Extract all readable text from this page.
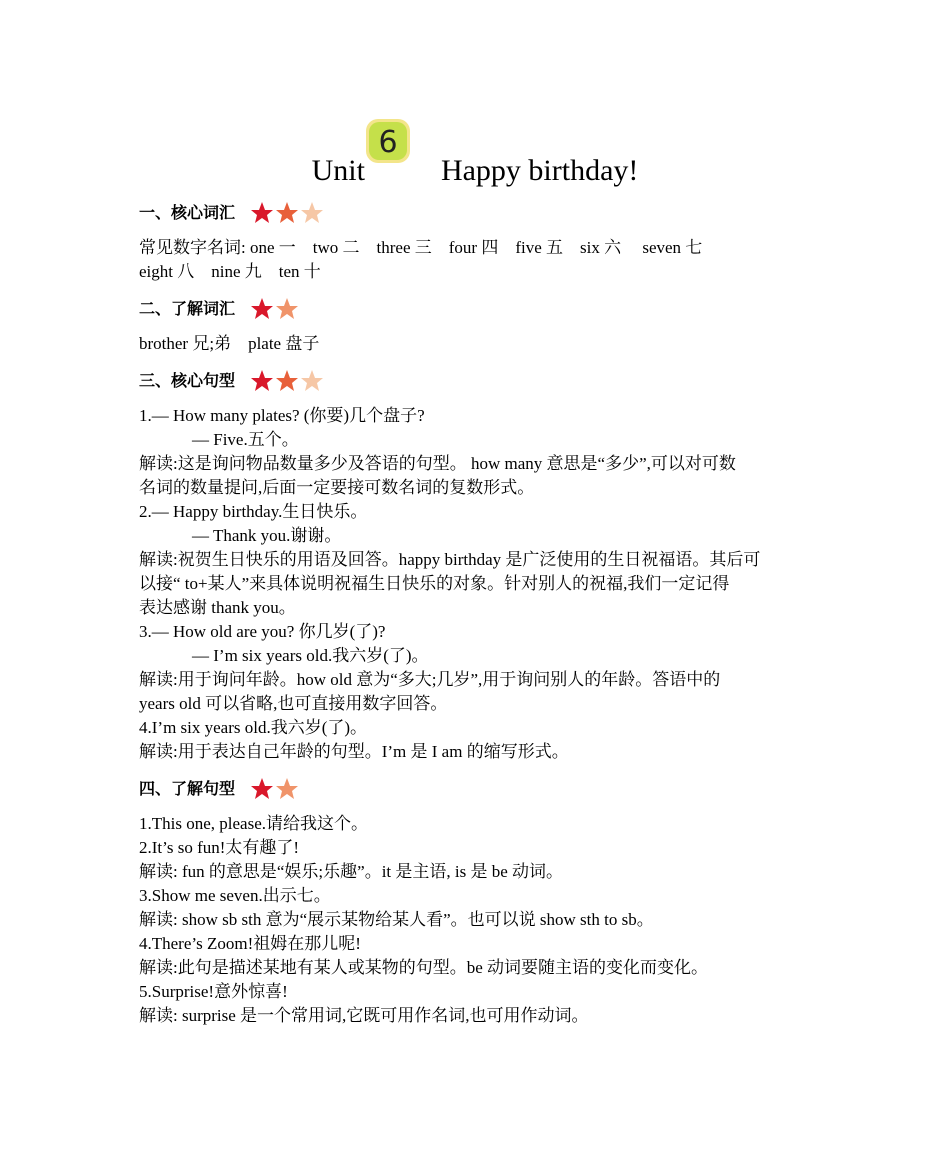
Unit
6
Happy birthday!
一、核心词汇

常见数字名词: one 一    two 二    three 三    four 四    five 五    six 六     seven 七

eight 八    nine 九    ten 十

二、了解词汇

brother 兄;弟    plate 盘子

三、核心句型

1.— How many plates? (你要)几个盘子?

— Five.五个。

解读:这是询问物品数量多少及答语的句型。 how many 意思是“多少”,可以对可数

名词的数量提问,后面一定要接可数名词的复数形式。

2.— Happy birthday.生日快乐。

— Thank you.谢谢。

解读:祝贺生日快乐的用语及回答。happy birthday 是广泛使用的生日祝福语。其后可

以接“ to+某人”来具体说明祝福生日快乐的对象。针对别人的祝福,我们一定记得

表达感谢 thank you。

3.— How old are you? 你几岁(了)?

— I’m six years old.我六岁(了)。

解读:用于询问年龄。how old 意为“多大;几岁”,用于询问别人的年龄。答语中的

years old 可以省略,也可直接用数字回答。

4.I’m six years old.我六岁(了)。

解读:用于表达自己年龄的句型。I’m 是 I am 的缩写形式。

四、了解句型

1.This one, please.请给我这个。

2.It’s so fun!太有趣了!

解读: fun 的意思是“娱乐;乐趣”。it 是主语, is 是 be 动词。

3.Show me seven.出示七。

解读: show sb sth 意为“展示某物给某人看”。也可以说 show sth to sb。

4.There’s Zoom!祖姆在那儿呢!

解读:此句是描述某地有某人或某物的句型。be 动词要随主语的变化而变化。

5.Surprise!意外惊喜!

解读: surprise 是一个常用词,它既可用作名词,也可用作动词。
